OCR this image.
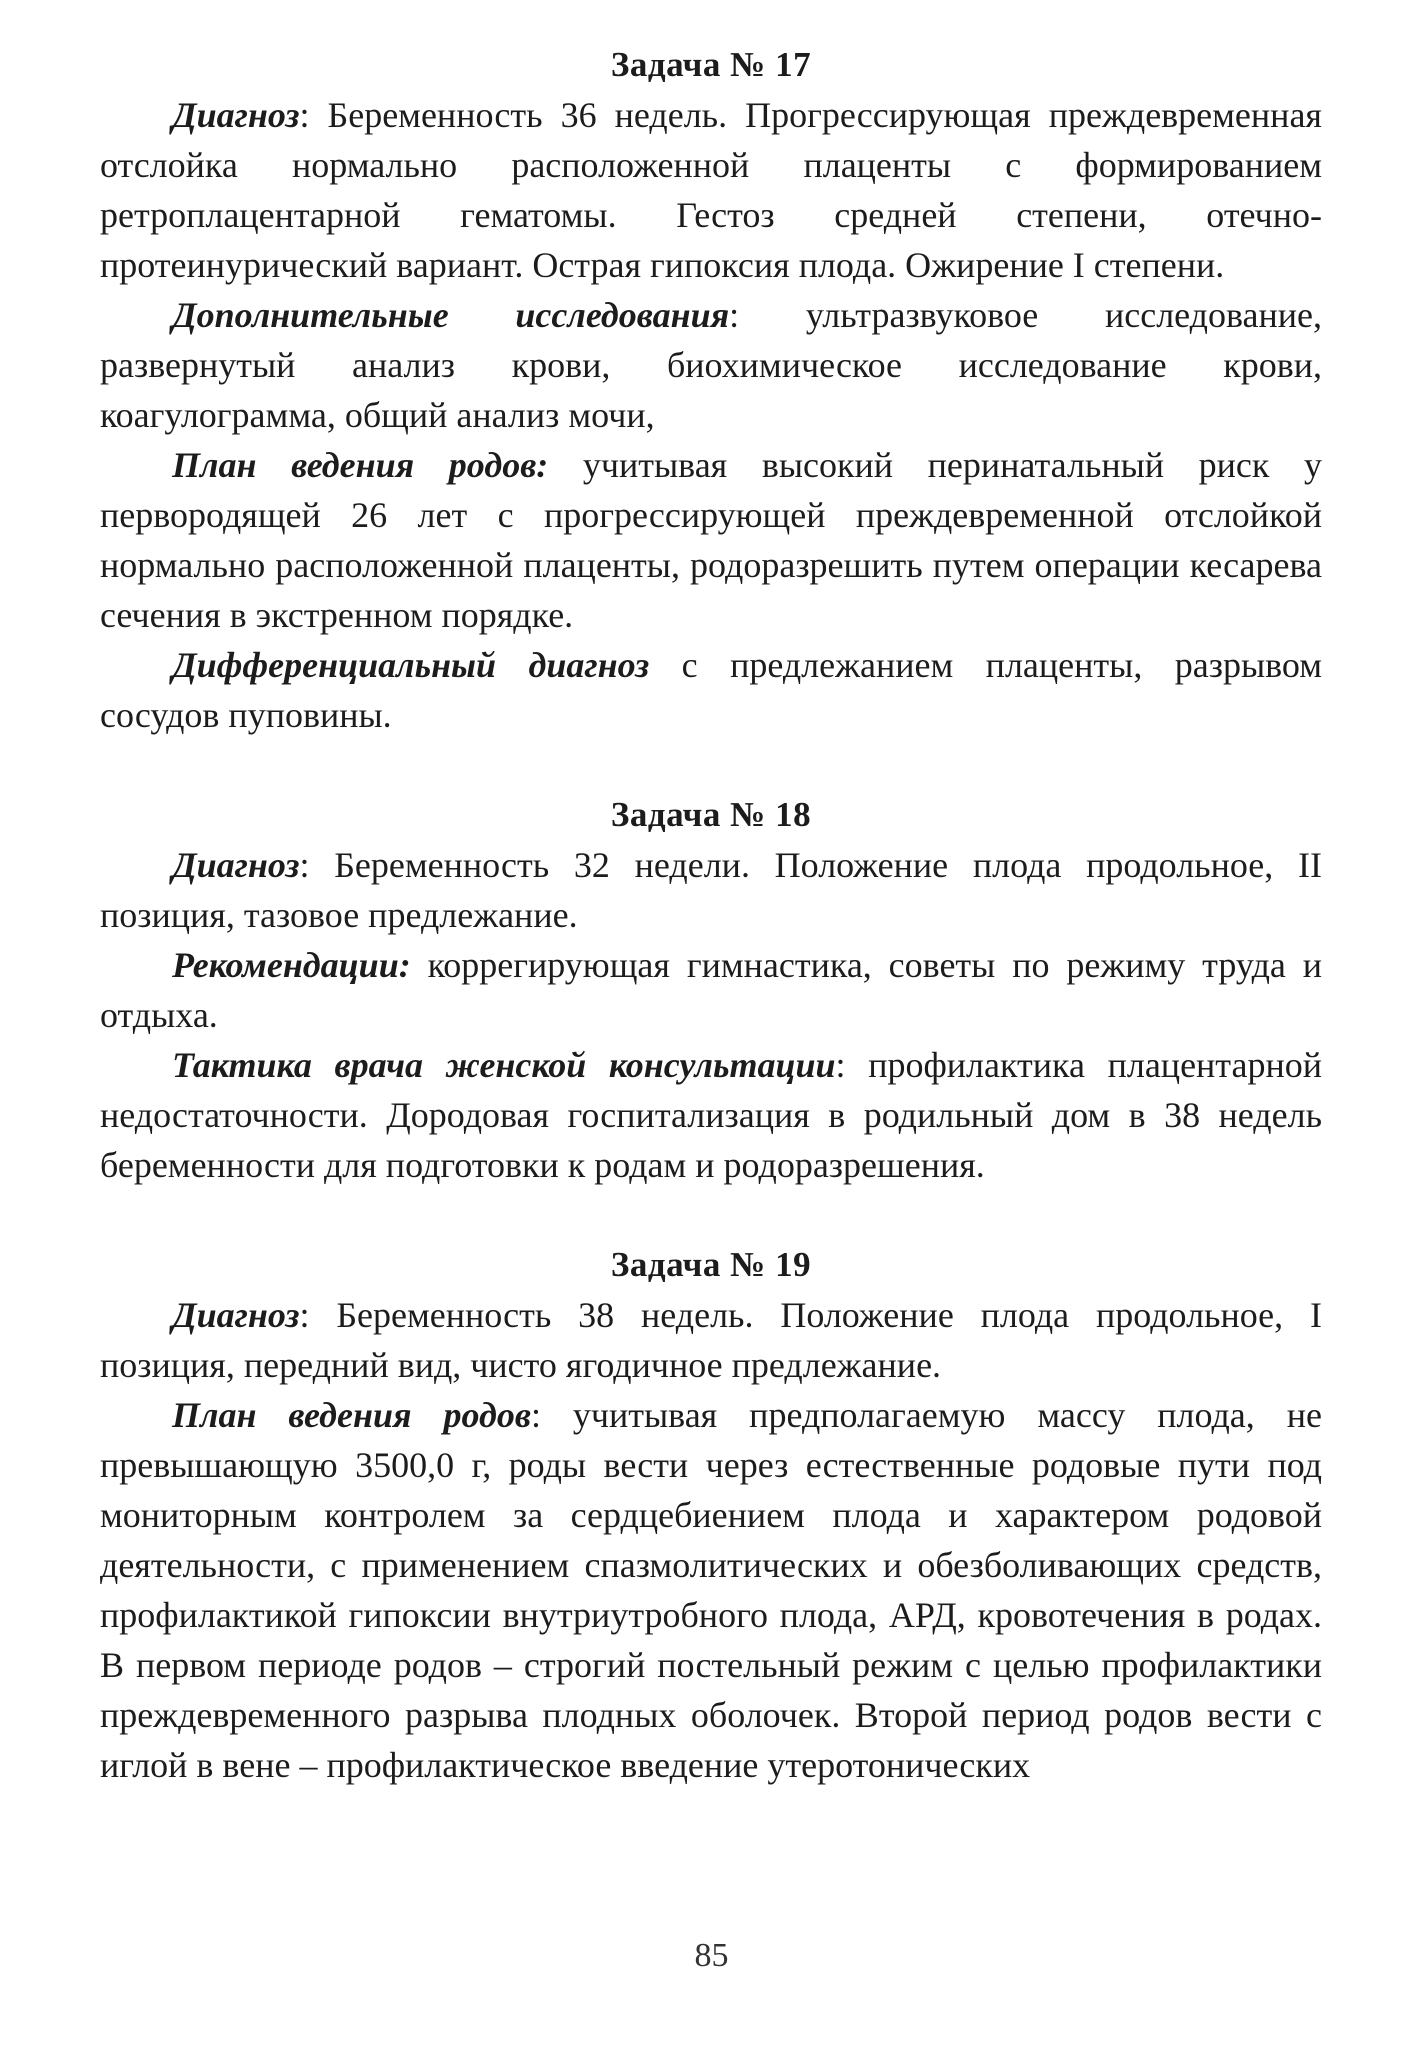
Задача № 17

Диагноз: Беременность 36 недель. Прогрессирующая преждевременная отслойка нормально расположенной плаценты с формированием ретроплацентарной гематомы. Гестоз средней степени, отечно-протеинурический вариант. Острая гипоксия плода. Ожирение I степени.

Дополнительные исследования: ультразвуковое исследование, развернутый анализ крови, биохимическое исследование крови, коагулограмма, общий анализ мочи,

План ведения родов: учитывая высокий перинатальный риск у первородящей 26 лет с прогрессирующей преждевременной отслойкой нормально расположенной плаценты, родоразрешить путем операции кесарева сечения в экстренном порядке.

Дифференциальный диагноз с предлежанием плаценты, разрывом сосудов пуповины.

Задача № 18

Диагноз: Беременность 32 недели. Положение плода продольное, II позиция, тазовое предлежание.

Рекомендации: коррегирующая гимнастика, советы по режиму труда и отдыха.

Тактика врача женской консультации: профилактика плацентарной недостаточности. Дородовая госпитализация в родильный дом в 38 недель беременности для подготовки к родам и родоразрешения.

Задача № 19

Диагноз: Беременность 38 недель. Положение плода продольное, I позиция, передний вид, чисто ягодичное предлежание.

План ведения родов: учитывая предполагаемую массу плода, не превышающую 3500,0 г, роды вести через естественные родовые пути под мониторным контролем за сердцебиением плода и характером родовой деятельности, с применением спазмолитических и обезболивающих средств, профилактикой гипоксии внутриутробного плода, АРД, кровотечения в родах. В первом периоде родов – строгий постельный режим с целью профилактики преждевременного разрыва плодных оболочек. Второй период родов вести с иглой в вене – профилактическое введение утеротонических

85
